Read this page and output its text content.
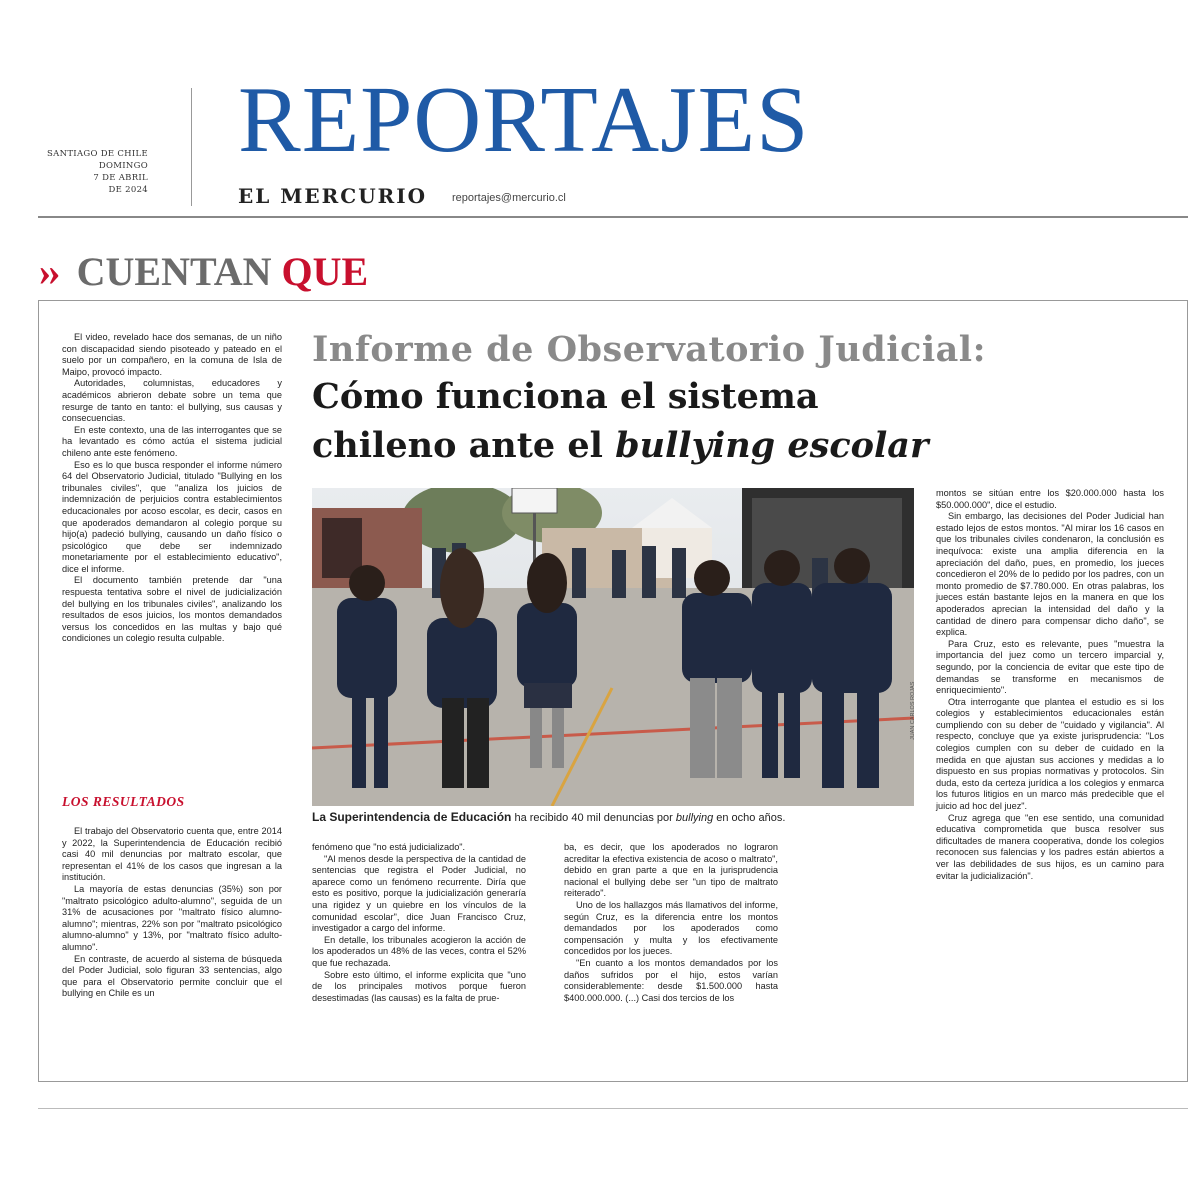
SANTIAGO DE CHILE
DOMINGO
7 DE ABRIL
DE 2024
REPORTAJES
EL MERCURIO reportajes@mercurio.cl
›› CUENTAN QUE

El video, revelado hace dos semanas, de un niño con discapacidad siendo pisoteado y pateado en el suelo por un compañero, en la comuna de Isla de Maipo, provocó impacto.

Autoridades, columnistas, educadores y académicos abrieron debate sobre un tema que resurge de tanto en tanto: el bullying, sus causas y consecuencias.

En este contexto, una de las interrogantes que se ha levantado es cómo actúa el sistema judicial chileno ante este fenómeno.

Eso es lo que busca responder el informe número 64 del Observatorio Judicial, titulado "Bullying en los tribunales civiles", que "analiza los juicios de indemnización de perjuicios contra establecimientos educacionales por acoso escolar, es decir, casos en que apoderados demandaron al colegio porque su hijo(a) padeció bullying, causando un daño físico o psicológico que debe ser indemnizado monetariamente por el establecimiento educativo", dice el informe.

El documento también pretende dar "una respuesta tentativa sobre el nivel de judicialización del bullying en los tribunales civiles", analizando los resultados de esos juicios, los montos demandados versus los concedidos en las multas y bajo qué condiciones un colegio resulta culpable.

LOS RESULTADOS

El trabajo del Observatorio cuenta que, entre 2014 y 2022, la Superintendencia de Educación recibió casi 40 mil denuncias por maltrato escolar, que representan el 41% de los casos que ingresan a la institución.

La mayoría de estas denuncias (35%) son por "maltrato psicológico adulto-alumno", seguida de un 31% de acusaciones por "maltrato físico alumno-alumno"; mientras, 22% son por "maltrato psicológico alumno-alumno" y 13%, por "maltrato físico adulto-alumno".

En contraste, de acuerdo al sistema de búsqueda del Poder Judicial, solo figuran 33 sentencias, algo que para el Observatorio permite concluir que el bullying en Chile es un

Informe de Observatorio Judicial:
Cómo funciona el sistema chileno ante el bullying escolar
JUAN CARLOS ROJAS
La Superintendencia de Educación ha recibido 40 mil denuncias por bullying en ocho años.

fenómeno que "no está judicializado".

"Al menos desde la perspectiva de la cantidad de sentencias que registra el Poder Judicial, no aparece como un fenómeno recurrente. Diría que esto es positivo, porque la judicialización generaría una rigidez y un quiebre en los vínculos de la comunidad escolar", dice Juan Francisco Cruz, investigador a cargo del informe.

En detalle, los tribunales acogieron la acción de los apoderados un 48% de las veces, contra el 52% que fue rechazada.

Sobre esto último, el informe explicita que "uno de los principales motivos porque fueron desestimadas (las causas) es la falta de prue-

ba, es decir, que los apoderados no lograron acreditar la efectiva existencia de acoso o maltrato", debido en gran parte a que en la jurisprudencia nacional el bullying debe ser "un tipo de maltrato reiterado".

Uno de los hallazgos más llamativos del informe, según Cruz, es la diferencia entre los montos demandados por los apoderados como compensación y multa y los efectivamente concedidos por los jueces.

"En cuanto a los montos demandados por los daños sufridos por el hijo, estos varían considerablemente: desde $1.500.000 hasta $400.000.000. (...) Casi dos tercios de los

montos se sitúan entre los $20.000.000 hasta los $50.000.000", dice el estudio.

Sin embargo, las decisiones del Poder Judicial han estado lejos de estos montos. "Al mirar los 16 casos en que los tribunales civiles condenaron, la conclusión es inequívoca: existe una amplia diferencia en la apreciación del daño, pues, en promedio, los jueces concedieron el 20% de lo pedido por los padres, con un monto promedio de $7.780.000. En otras palabras, los jueces están bastante lejos en la manera en que los apoderados aprecian la intensidad del daño y la cantidad de dinero para compensar dicho daño", se explica.

Para Cruz, esto es relevante, pues "muestra la importancia del juez como un tercero imparcial y, segundo, por la conciencia de evitar que este tipo de demandas se transforme en mecanismos de enriquecimiento".

Otra interrogante que plantea el estudio es si los colegios y establecimientos educacionales están cumpliendo con su deber de "cuidado y vigilancia". Al respecto, concluye que ya existe jurisprudencia: "Los colegios cumplen con su deber de cuidado en la medida en que ajustan sus acciones y medidas a lo dispuesto en sus propias normativas y protocolos. Sin duda, esto da certeza jurídica a los colegios y enmarca los futuros litigios en un marco más predecible que el juicio ad hoc del juez".

Cruz agrega que "en ese sentido, una comunidad educativa comprometida que busca resolver sus dificultades de manera cooperativa, donde los colegios reconocen sus falencias y los padres están abiertos a ver las debilidades de sus hijos, es un camino para evitar la judicialización".
